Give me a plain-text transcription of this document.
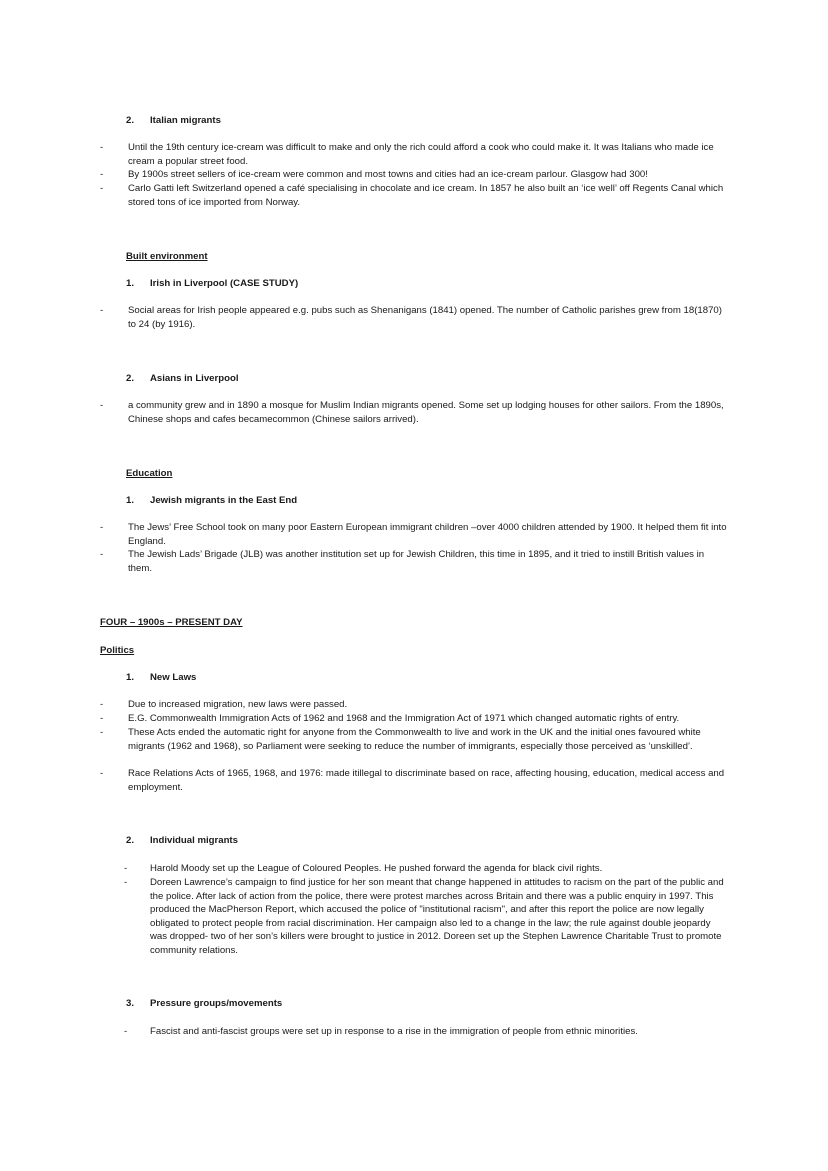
2. Italian migrants
-	Until the 19th century ice-cream was difficult to make and only the rich could afford a cook who could make it. It was Italians who made ice cream a popular street food.
-	By 1900s street sellers of ice-cream were common and most towns and cities had an ice-cream parlour. Glasgow had 300!
-	Carlo Gatti left Switzerland opened a café specialising in chocolate and ice cream. In 1857 he also built an ‘ice well’ off Regents Canal which stored tons of ice imported from Norway.
Built environment
1. Irish in Liverpool (CASE STUDY)
-	Social areas for Irish people appeared e.g. pubs such as Shenanigans (1841) opened. The number of Catholic parishes grew from 18(1870) to 24 (by 1916).
2. Asians in Liverpool
-	a community grew and in 1890 a mosque for Muslim Indian migrants opened. Some set up lodging houses for other sailors. From the 1890s, Chinese shops and cafes becamecommon (Chinese sailors arrived).
Education
1. Jewish migrants in the East End
-	The Jews’ Free School took on many poor Eastern European immigrant children –over 4000 children attended by 1900. It helped them fit into England.
-	The Jewish Lads’ Brigade (JLB) was another institution set up for Jewish Children, this time in 1895, and it tried to instill British values in them.
FOUR – 1900s – PRESENT DAY
Politics
1. New Laws
-	Due to increased migration, new laws were passed.
-	E.G. Commonwealth Immigration Acts of 1962 and 1968 and the Immigration Act of 1971 which changed automatic rights of entry.
-	These Acts ended the automatic right for anyone from the Commonwealth to live and work in the UK and the initial ones favoured white migrants (1962 and 1968), so Parliament were seeking to reduce the number of immigrants, especially those perceived as ‘unskilled’.
-	Race Relations Acts of 1965, 1968, and 1976: made itillegal to discriminate based on race, affecting housing, education, medical access and employment.
2. Individual migrants
- Harold Moody set up the League of Coloured Peoples. He pushed forward the agenda for black civil rights.
- Doreen Lawrence’s campaign to find justice for her son meant that change happened in attitudes to racism on the part of the public and the police. After lack of action from the police, there were protest marches across Britain and there was a public enquiry in 1997. This produced the MacPherson Report, which accused the police of "institutional racism", and after this report the police are now legally obligated to protect people from racial discrimination. Her campaign also led to a change in the law; the rule against double jeopardy was dropped- two of her son’s killers were brought to justice in 2012. Doreen set up the Stephen Lawrence Charitable Trust to promote community relations.
3. Pressure groups/movements
- Fascist and anti-fascist groups were set up in response to a rise in the immigration of people from ethnic minorities.
